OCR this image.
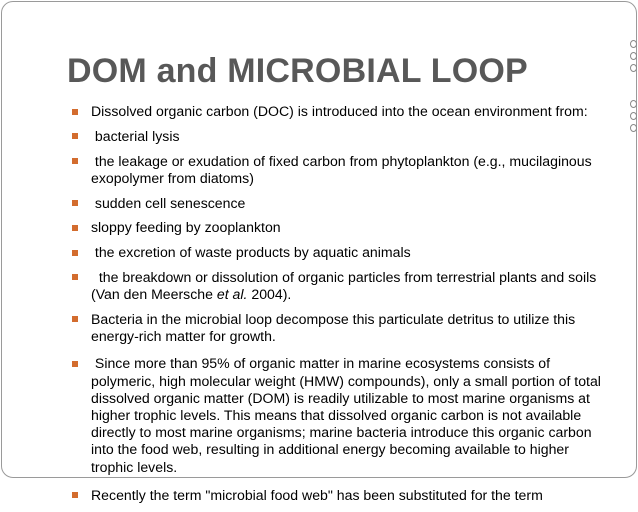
DOM and MICROBIAL LOOP
Dissolved organic carbon (DOC) is introduced into the ocean environment from:
bacterial lysis
the leakage or exudation of fixed carbon from phytoplankton (e.g., mucilaginous exopolymer from diatoms)
sudden cell senescence
sloppy feeding by zooplankton
the excretion of waste products by aquatic animals
the breakdown or dissolution of organic particles from terrestrial plants and soils (Van den Meersche et al. 2004).
Bacteria in the microbial loop decompose this particulate detritus to utilize this energy-rich matter for growth.
Since more than 95% of organic matter in marine ecosystems consists of polymeric, high molecular weight (HMW) compounds), only a small portion of total dissolved organic matter (DOM) is readily utilizable to most marine organisms at higher trophic levels. This means that dissolved organic carbon is not available directly to most marine organisms; marine bacteria introduce this organic carbon into the food web, resulting in additional energy becoming available to higher trophic levels.
Recently the term "microbial food web" has been substituted for the term
